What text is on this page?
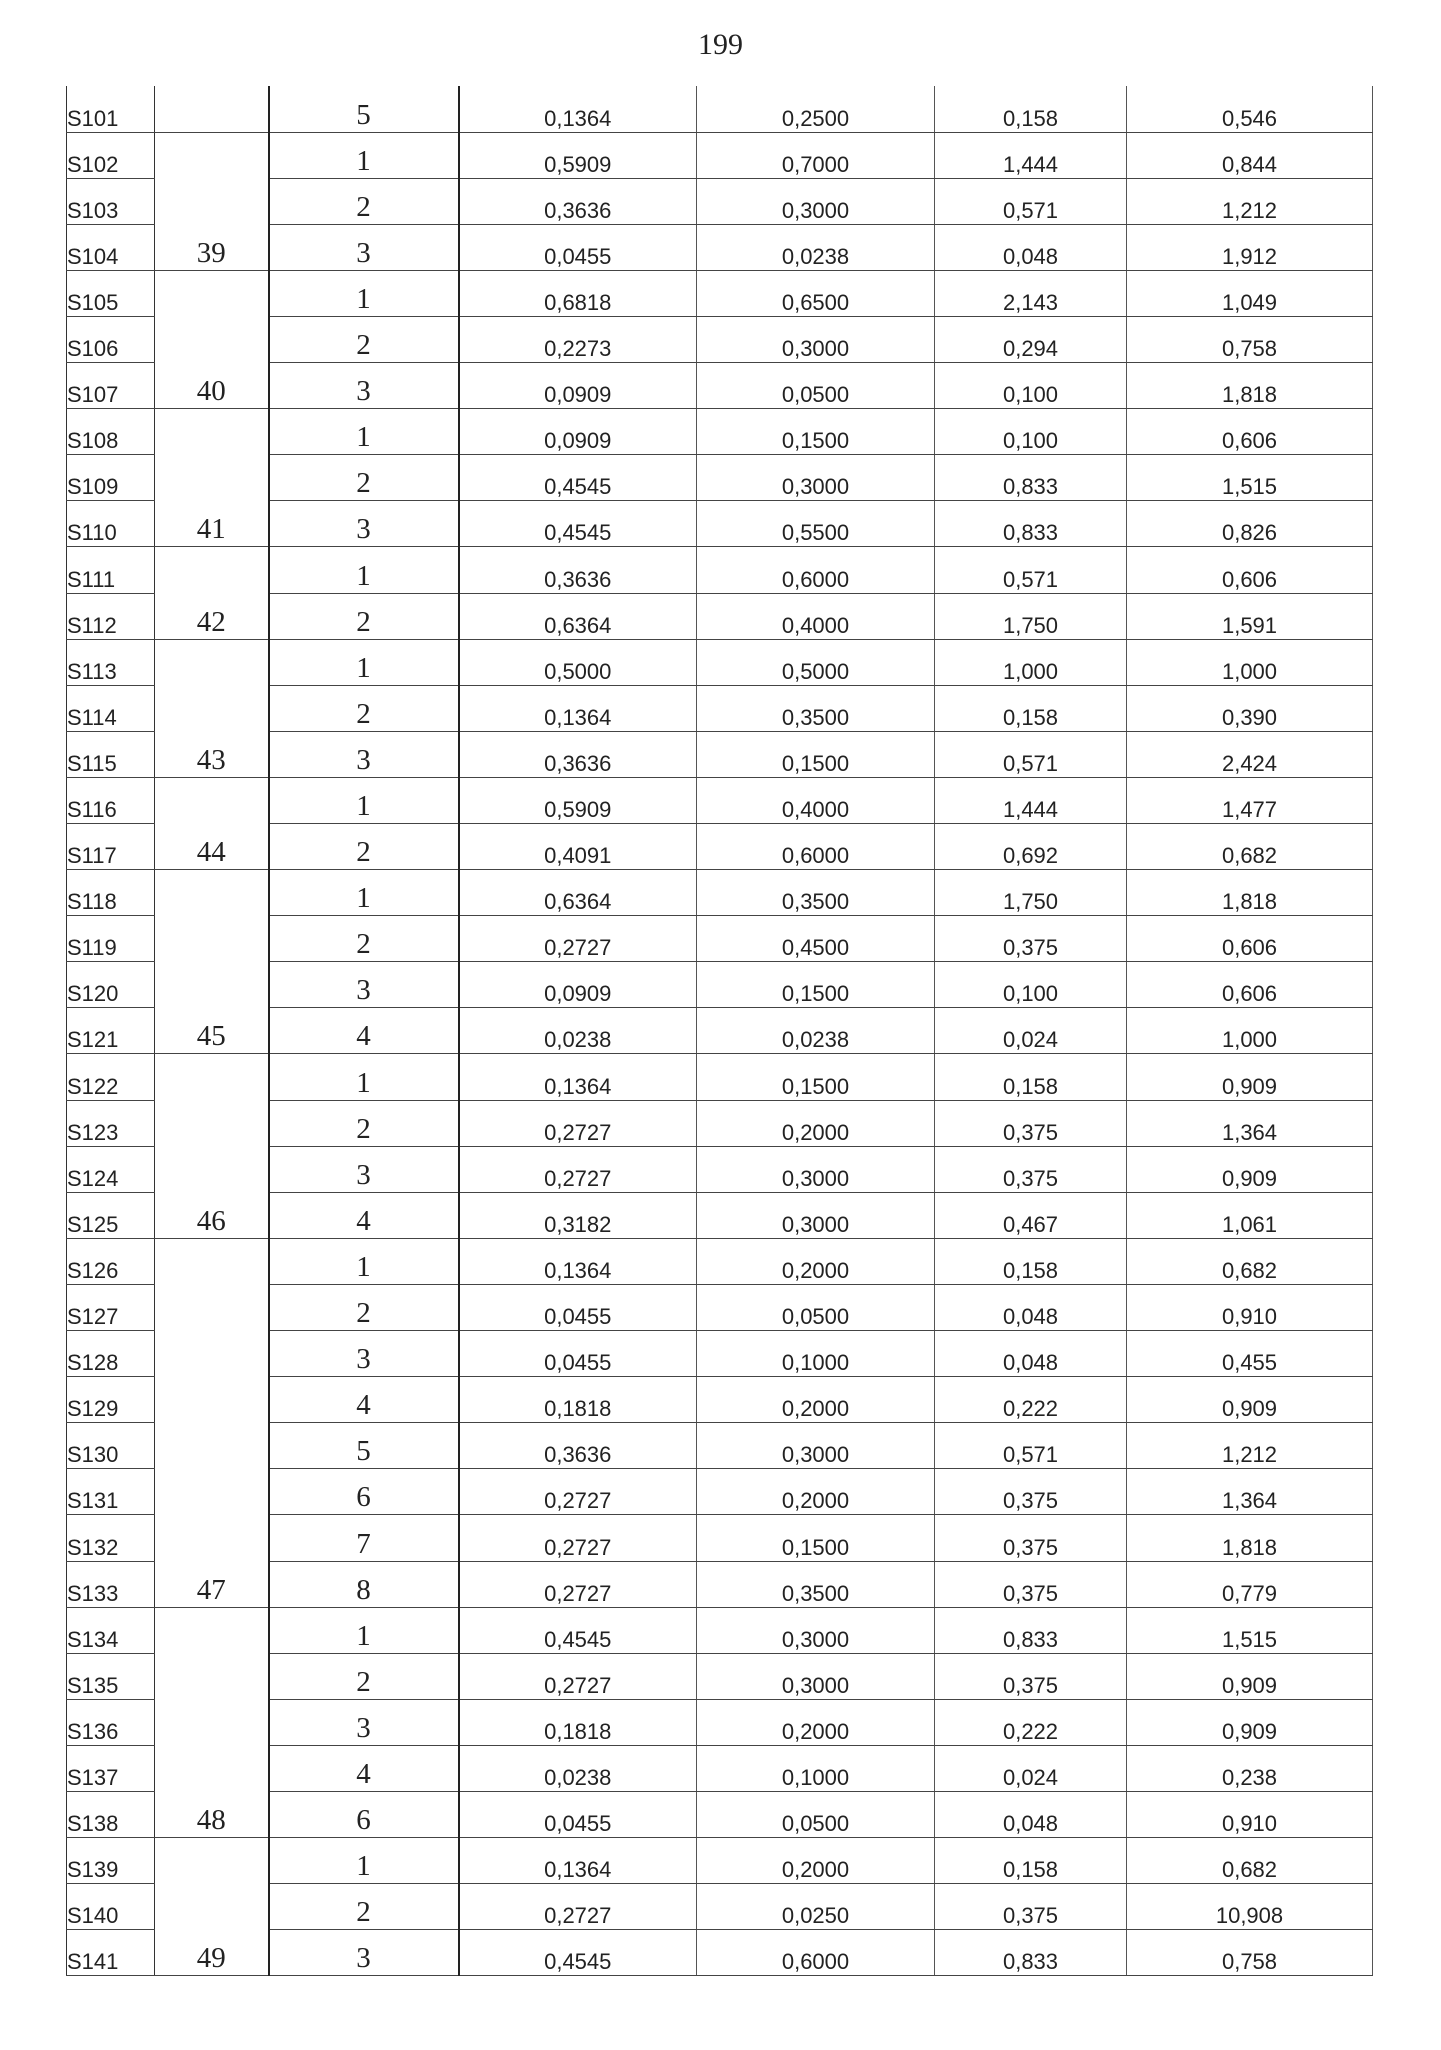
199
S101		5	0,1364	0,2500	0,158	0,546
S102	39	1	0,5909	0,7000	1,444	0,844
S103		2	0,3636	0,3000	0,571	1,212
S104		3	0,0455	0,0238	0,048	1,912
S105	40	1	0,6818	0,6500	2,143	1,049
S106		2	0,2273	0,3000	0,294	0,758
S107		3	0,0909	0,0500	0,100	1,818
S108	41	1	0,0909	0,1500	0,100	0,606
S109		2	0,4545	0,3000	0,833	1,515
S110		3	0,4545	0,5500	0,833	0,826
S111	42	1	0,3636	0,6000	0,571	0,606
S112		2	0,6364	0,4000	1,750	1,591
S113	43	1	0,5000	0,5000	1,000	1,000
S114		2	0,1364	0,3500	0,158	0,390
S115		3	0,3636	0,1500	0,571	2,424
S116	44	1	0,5909	0,4000	1,444	1,477
S117		2	0,4091	0,6000	0,692	0,682
S118	45	1	0,6364	0,3500	1,750	1,818
S119		2	0,2727	0,4500	0,375	0,606
S120		3	0,0909	0,1500	0,100	0,606
S121		4	0,0238	0,0238	0,024	1,000
S122	46	1	0,1364	0,1500	0,158	0,909
S123		2	0,2727	0,2000	0,375	1,364
S124		3	0,2727	0,3000	0,375	0,909
S125		4	0,3182	0,3000	0,467	1,061
S126	47	1	0,1364	0,2000	0,158	0,682
S127		2	0,0455	0,0500	0,048	0,910
S128		3	0,0455	0,1000	0,048	0,455
S129		4	0,1818	0,2000	0,222	0,909
S130		5	0,3636	0,3000	0,571	1,212
S131		6	0,2727	0,2000	0,375	1,364
S132		7	0,2727	0,1500	0,375	1,818
S133		8	0,2727	0,3500	0,375	0,779
S134	48	1	0,4545	0,3000	0,833	1,515
S135		2	0,2727	0,3000	0,375	0,909
S136		3	0,1818	0,2000	0,222	0,909
S137		4	0,0238	0,1000	0,024	0,238
S138		6	0,0455	0,0500	0,048	0,910
S139	49	1	0,1364	0,2000	0,158	0,682
S140		2	0,2727	0,0250	0,375	10,908
S141		3	0,4545	0,6000	0,833	0,758
